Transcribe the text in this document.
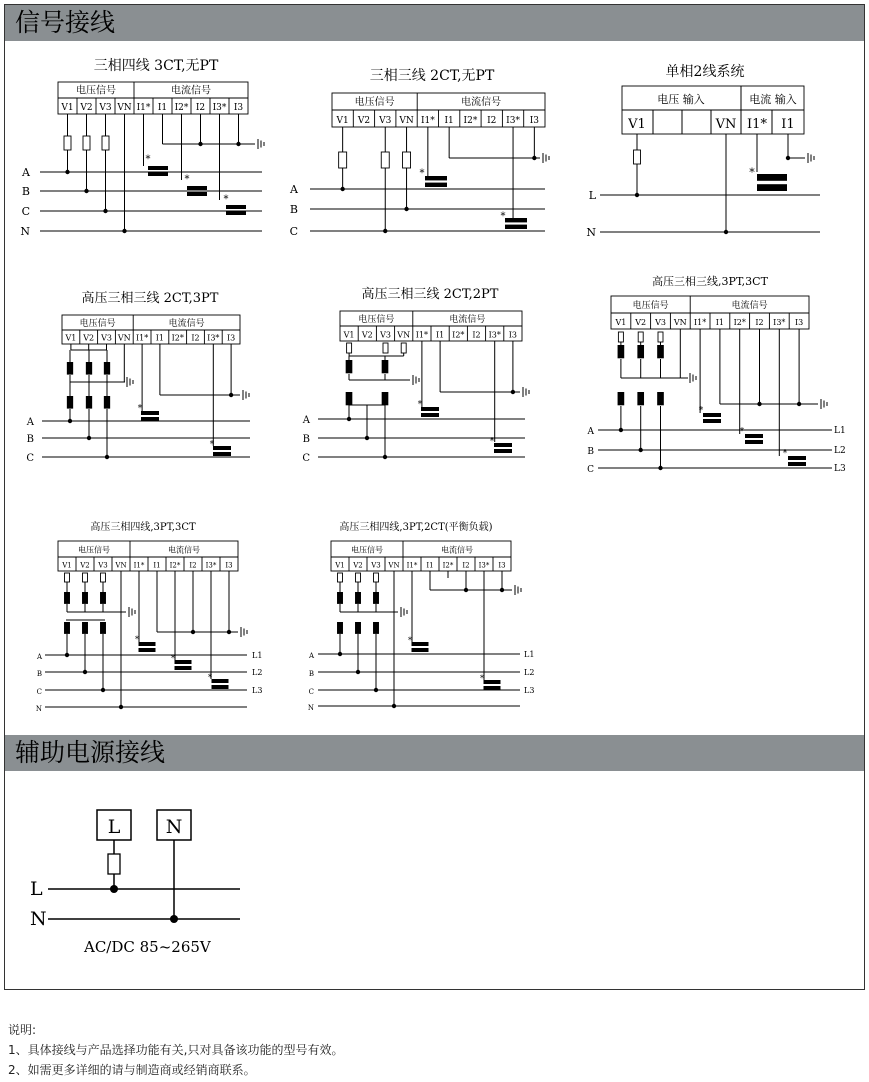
信号接线
辅助电源接线
三相四线 3CT,无PT
电压信号	电流信号
V1 V2 V3 VN I1* I1 I2* I2 I3* I3
A
B
C
N
*
*
*
三相三线 2CT,无PT
电压信号	电流信号
V1 V2 V3 VN I1* I1 I2* I2 I3* I3
A
B
C
*
*
单相2线系统
电压 输入	电流 输入
V1	VN I1* I1
L
N
*
高压三相三线 2CT,3PT
电压信号	电流信号
V1 V2 V3 VN I1* I1 I2* I2 I3* I3
A
B
C
*
*
高压三相三线 2CT,2PT
电压信号	电流信号
V1 V2 V3 VN I1* I1 I2* I2 I3* I3
A
B
C
*
*
高压三相三线,3PT,3CT
电压信号	电流信号
V1 V2 V3 VN I1* I1 I2* I2 I3* I3
A
B
C
L1
L2
L3
*
*
*
高压三相四线,3PT,3CT
电压信号	电流信号
V1 V2 V3 VN I1* I1 I2* I2 I3* I3
A
B
C
N
L1
L2
L3
*
*
*
高压三相四线,3PT,2CT(平衡负载)
电压信号	电流信号
V1 V2 V3 VN I1* I1 I2* I2 I3* I3
A
B
C
N
L1
L2
L3
*
*
L N
L
N
AC/DC 85~265V
说明:
1、具体接线与产品选择功能有关,只对具备该功能的型号有效。
2、如需更多详细的请与制造商或经销商联系。
